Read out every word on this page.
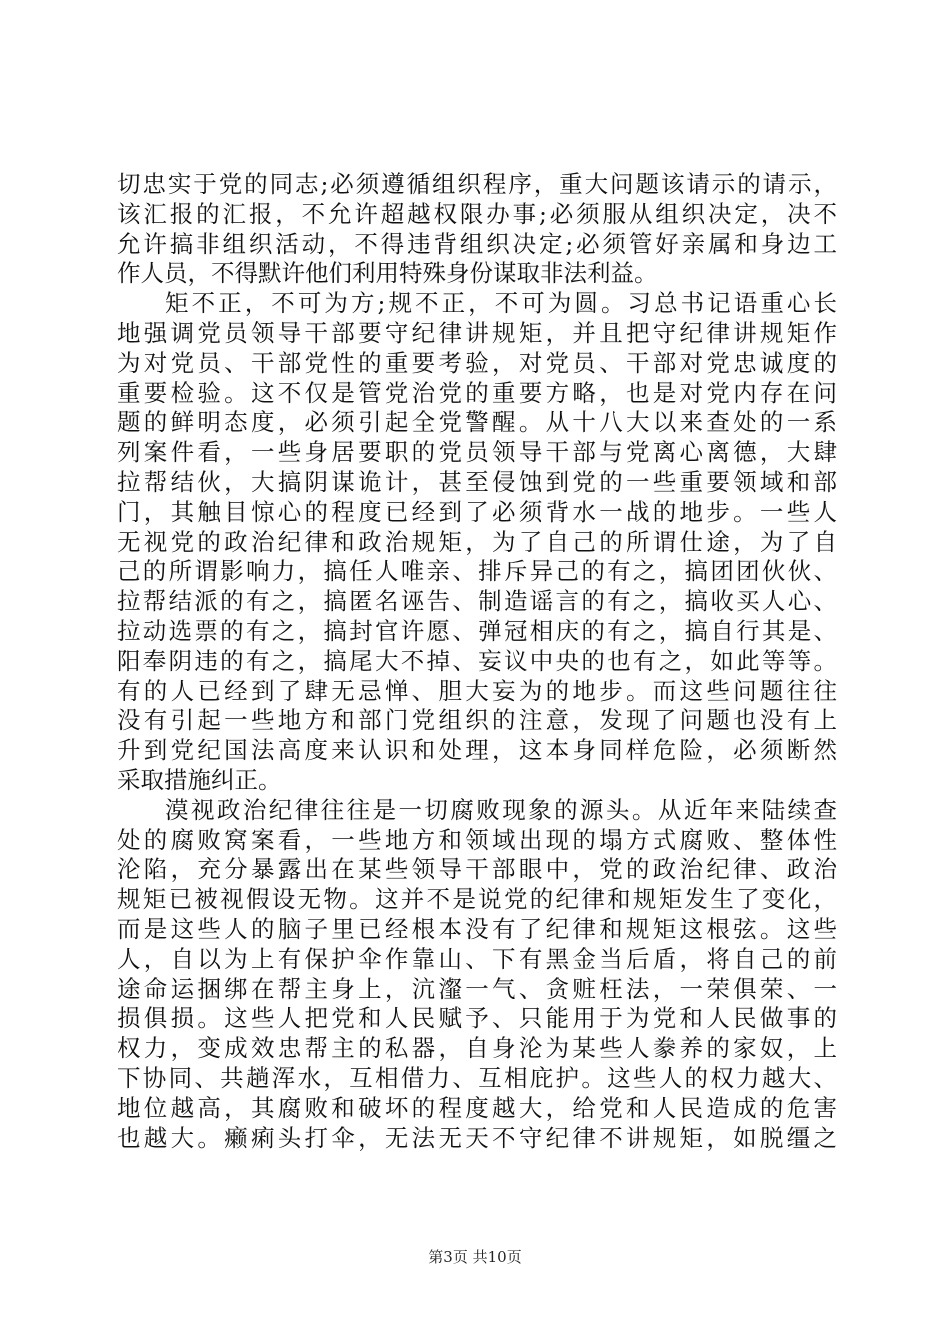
切忠实于党的同志;必须遵循组织程序，重大问题该请示的请示，
该汇报的汇报，不允许超越权限办事;必须服从组织决定，决不
允许搞非组织活动，不得违背组织决定;必须管好亲属和身边工
作人员，不得默许他们利用特殊身份谋取非法利益。
矩不正，不可为方;规不正，不可为圆。习总书记语重心长
地强调党员领导干部要守纪律讲规矩，并且把守纪律讲规矩作
为对党员、干部党性的重要考验，对党员、干部对党忠诚度的
重要检验。这不仅是管党治党的重要方略，也是对党内存在问
题的鲜明态度，必须引起全党警醒。从十八大以来查处的一系
列案件看，一些身居要职的党员领导干部与党离心离德，大肆
拉帮结伙，大搞阴谋诡计，甚至侵蚀到党的一些重要领域和部
门，其触目惊心的程度已经到了必须背水一战的地步。一些人
无视党的政治纪律和政治规矩，为了自己的所谓仕途，为了自
己的所谓影响力，搞任人唯亲、排斥异己的有之，搞团团伙伙、
拉帮结派的有之，搞匿名诬告、制造谣言的有之，搞收买人心、
拉动选票的有之，搞封官许愿、弹冠相庆的有之，搞自行其是、
阳奉阴违的有之，搞尾大不掉、妄议中央的也有之，如此等等。
有的人已经到了肆无忌惮、胆大妄为的地步。而这些问题往往
没有引起一些地方和部门党组织的注意，发现了问题也没有上
升到党纪国法高度来认识和处理，这本身同样危险，必须断然
采取措施纠正。
漠视政治纪律往往是一切腐败现象的源头。从近年来陆续查
处的腐败窝案看，一些地方和领域出现的塌方式腐败、整体性
沦陷，充分暴露出在某些领导干部眼中，党的政治纪律、政治
规矩已被视假设无物。这并不是说党的纪律和规矩发生了变化，
而是这些人的脑子里已经根本没有了纪律和规矩这根弦。这些
人，自以为上有保护伞作靠山、下有黑金当后盾，将自己的前
途命运捆绑在帮主身上，沆瀣一气、贪赃枉法，一荣俱荣、一
损俱损。这些人把党和人民赋予、只能用于为党和人民做事的
权力，变成效忠帮主的私器，自身沦为某些人豢养的家奴，上
下协同、共趟浑水，互相借力、互相庇护。这些人的权力越大、
地位越高，其腐败和破坏的程度越大，给党和人民造成的危害
也越大。癞痢头打伞，无法无天不守纪律不讲规矩，如脱缰之
第3页 共10页
